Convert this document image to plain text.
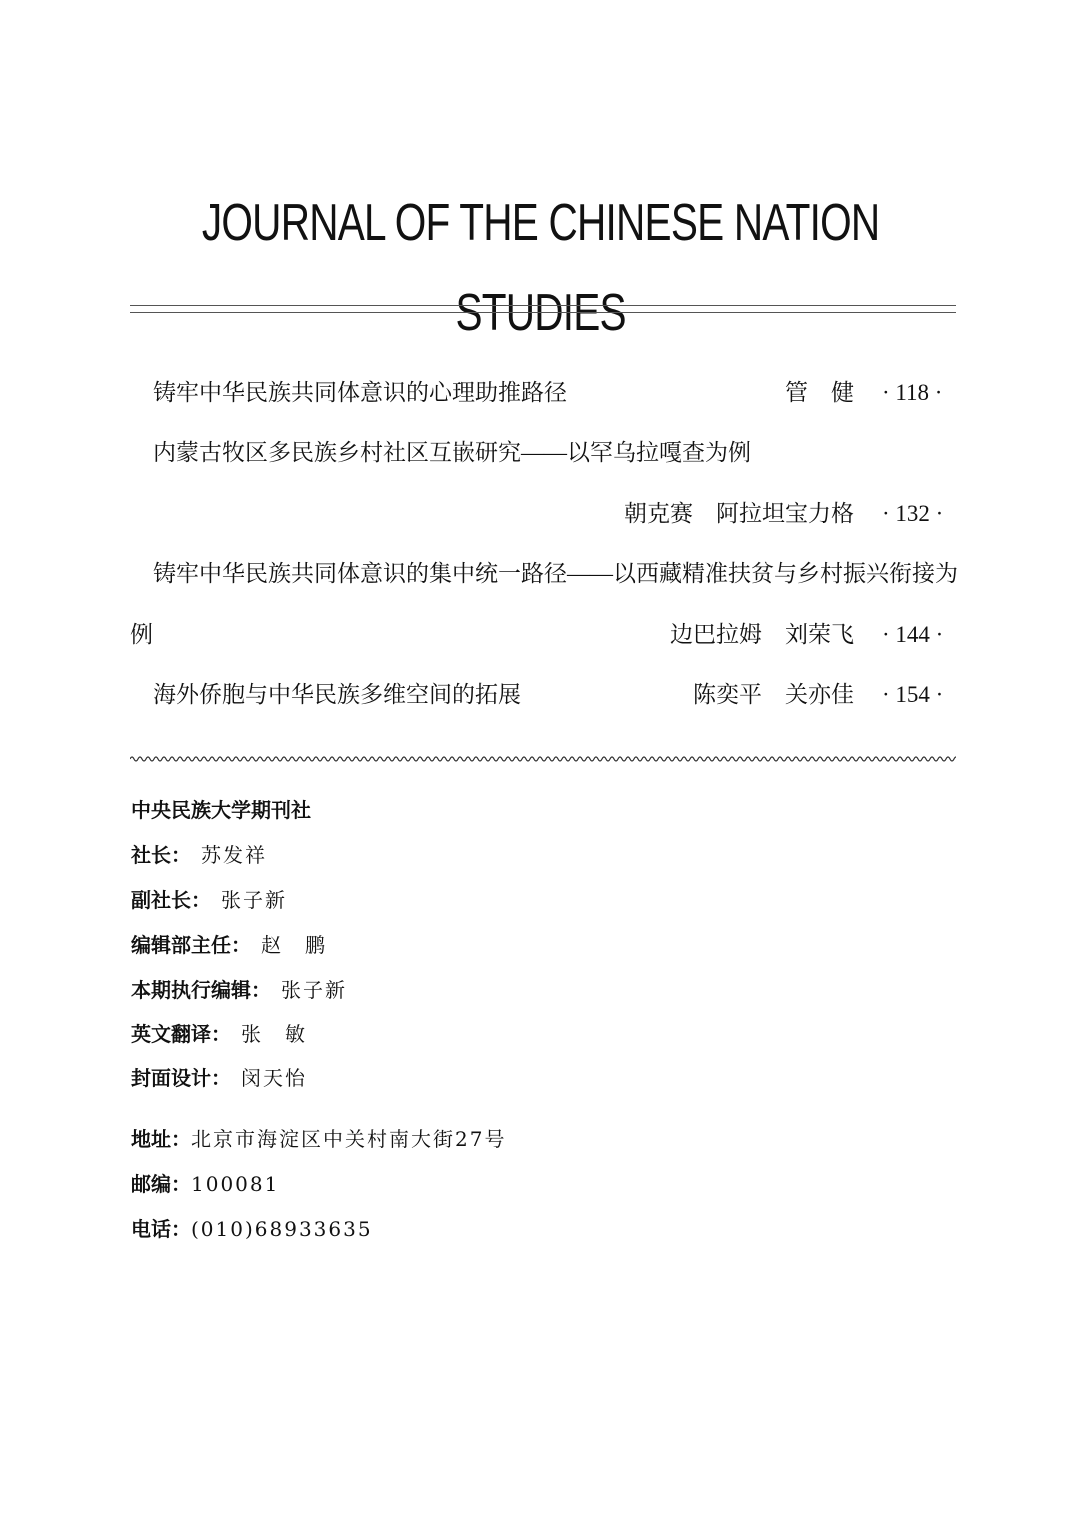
JOURNAL OF THE CHINESE NATION STUDIES
铸牢中华民族共同体意识的心理助推路径	管　健 · 118 ·
内蒙古牧区多民族乡村社区互嵌研究——以罕乌拉嘎查为例
朝克赛　阿拉坦宝力格 · 132 ·
铸牢中华民族共同体意识的集中统一路径——以西藏精准扶贫与乡村振兴衔接为
例	边巴拉姆　刘荣飞 · 144 ·
海外侨胞与中华民族多维空间的拓展	陈奕平　关亦佳 · 154 ·
中央民族大学期刊社
社长： 苏发祥
副社长： 张子新
编辑部主任： 赵　鹏
本期执行编辑： 张子新
英文翻译： 张　敏
封面设计： 闵天怡
地址：北京市海淀区中关村南大街27号
邮编：100081
电话：(010)68933635
